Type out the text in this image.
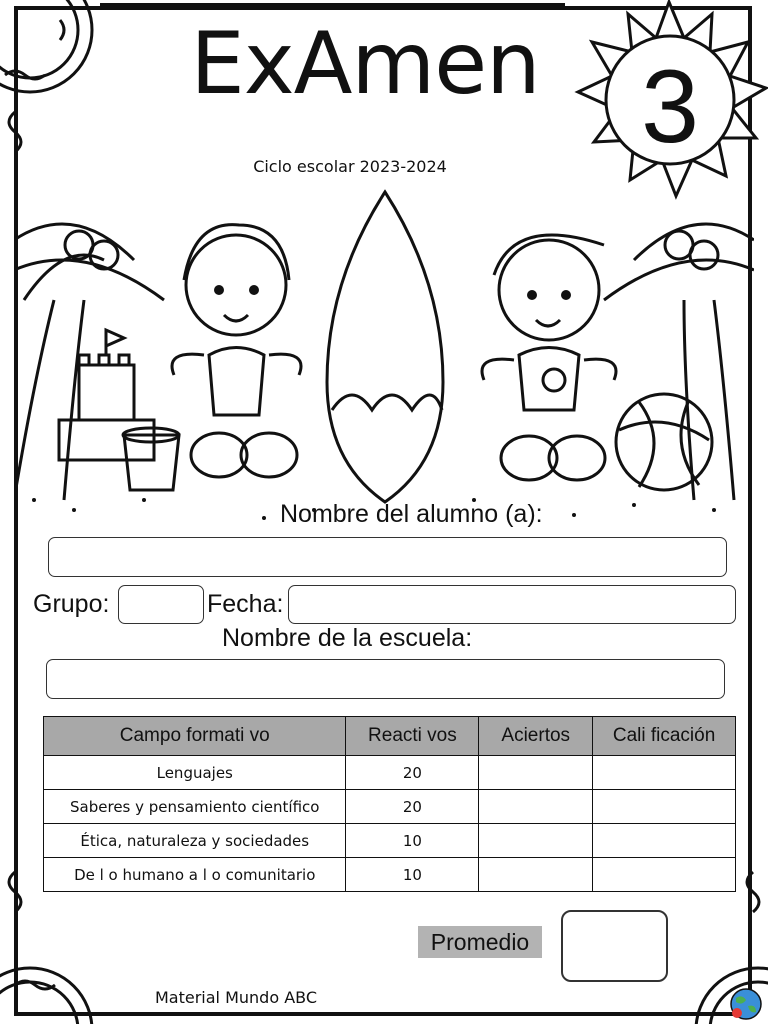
ExAmen 3
Ciclo escolar 2023-2024
Nombre del alumno (a):
Grupo:	Fecha:
Nombre de la escuela:
Campo formati vo	Reacti vos	Aciertos	Cali ficación
Lenguajes	20		
Saberes y pensamiento científico	20		
Ética, naturaleza y sociedades	10		
De l o humano a l o comunitario	10		
Promedio
Material Mundo ABC
